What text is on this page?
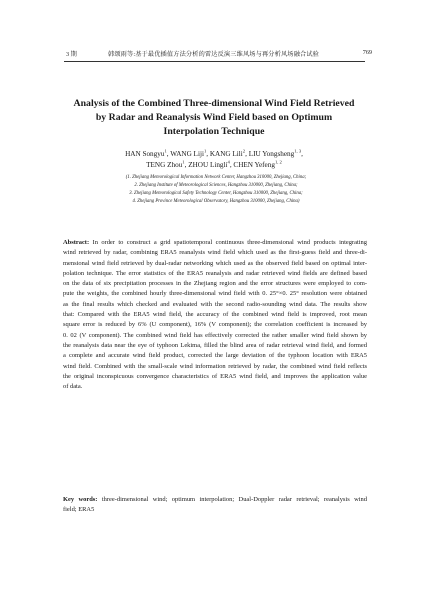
3 期	韩颂雨等:基于最优插值方法分析的雷达反演三维风场与再分析风场融合试验	769
Analysis of the Combined Three-dimensional Wind Field Retrieved
by Radar and Reanalysis Wind Field based on Optimum
Interpolation Technique
HAN Songyu$^1$, WANG Liji$^1$, KANG Lili$^2$, LIU Yongsheng$^{1, 3}$,
TENG Zhou$^1$, ZHOU Lingli$^4$, CHEN Yefeng$^{1, 2}$
(1. Zhejiang Meteorological Information Network Center, Hangzhou 310000, Zhejiang, China;
2. Zhejiang Institute of Meteorological Sciences, Hangzhou 310000, Zhejiang, China;
3. Zhejiang Meteorological Safety Technology Center, Hangzhou 310000, Zhejiang, China;
4. Zhejiang Province Meteorological Observatory, Hangzhou 310000, Zhejiang, China)
Abstract: In order to construct a grid spatiotemporal continuous three-dimensional wind products integrating
wind retrieved by radar, combining ERA5 reanalysis wind field which used as the first-guess field and three-di-
mensional wind field retrieved by dual-radar networking which used as the observed field based on optimal inter-
polation technique. The error statistics of the ERA5 reanalysis and radar retrieved wind fields are defined based
on the data of six precipitation processes in the Zhejiang region and the error structures were employed to com-
pute the weights, the combined hourly three-dimensional wind field with 0. 25°×0. 25° resolution were obtained
as the final results which checked and evaluated with the second radio-sounding wind data. The results show
that: Compared with the ERA5 wind field, the accuracy of the combined wind field is improved, root mean
square error is reduced by 6% (U component), 16% (V component); the correlation coefficient is increased by
0. 02 (V component). The combined wind field has effectively corrected the rather smaller wind field shown by
the reanalysis data near the eye of typhoon Lekima, filled the blind area of radar retrieval wind field, and formed
a complete and accurate wind field product, corrected the large deviation of the typhoon location with ERA5
wind field. Combined with the small-scale wind information retrieved by radar, the combined wind field reflects
the original inconspicuous convergence characteristics of ERA5 wind field, and improves the application value
of data.
Key words: three-dimensional wind; optimum interpolation; Dual-Doppler radar retrieval; reanalysis wind
field; ERA5
